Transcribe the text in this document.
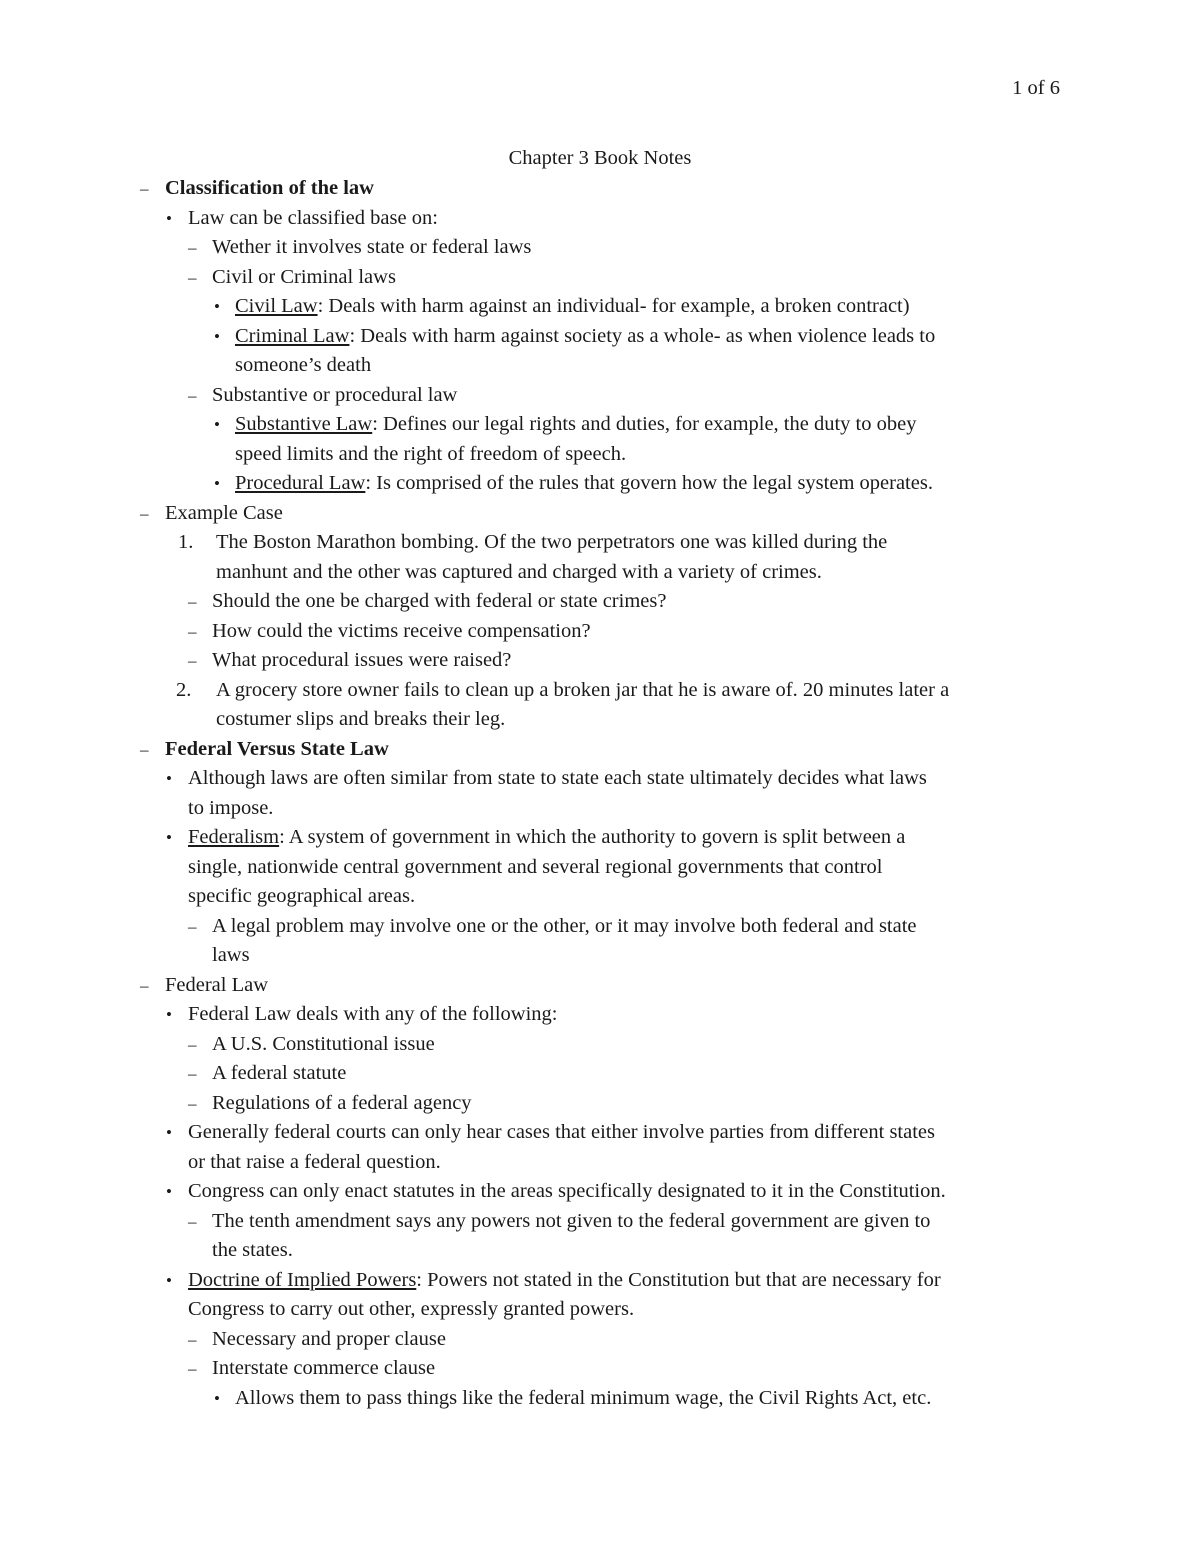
1 of 6
Chapter 3 Book Notes
– Classification of the law
• Law can be classified base on:
– Wether it involves state or federal laws
– Civil or Criminal laws
• Civil Law: Deals with harm against an individual- for example, a broken contract)
• Criminal Law: Deals with harm against society as a whole- as when violence leads to
someone’s death
– Substantive or procedural law
• Substantive Law: Defines our legal rights and duties, for example, the duty to obey
speed limits and the right of freedom of speech.
• Procedural Law: Is comprised of the rules that govern how the legal system operates.
– Example Case
1. The Boston Marathon bombing. Of the two perpetrators one was killed during the
manhunt and the other was captured and charged with a variety of crimes.
– Should the one be charged with federal or state crimes?
– How could the victims receive compensation?
– What procedural issues were raised?
2. A grocery store owner fails to clean up a broken jar that he is aware of. 20 minutes later a
costumer slips and breaks their leg.
– Federal Versus State Law
• Although laws are often similar from state to state each state ultimately decides what laws
to impose.
• Federalism: A system of government in which the authority to govern is split between a
single, nationwide central government and several regional governments that control
specific geographical areas.
– A legal problem may involve one or the other, or it may involve both federal and state
laws
– Federal Law
• Federal Law deals with any of the following:
– A U.S. Constitutional issue
– A federal statute
– Regulations of a federal agency
• Generally federal courts can only hear cases that either involve parties from different states
or that raise a federal question.
• Congress can only enact statutes in the areas specifically designated to it in the Constitution.
– The tenth amendment says any powers not given to the federal government are given to
the states.
• Doctrine of Implied Powers: Powers not stated in the Constitution but that are necessary for
Congress to carry out other, expressly granted powers.
– Necessary and proper clause
– Interstate commerce clause
• Allows them to pass things like the federal minimum wage, the Civil Rights Act, etc.
